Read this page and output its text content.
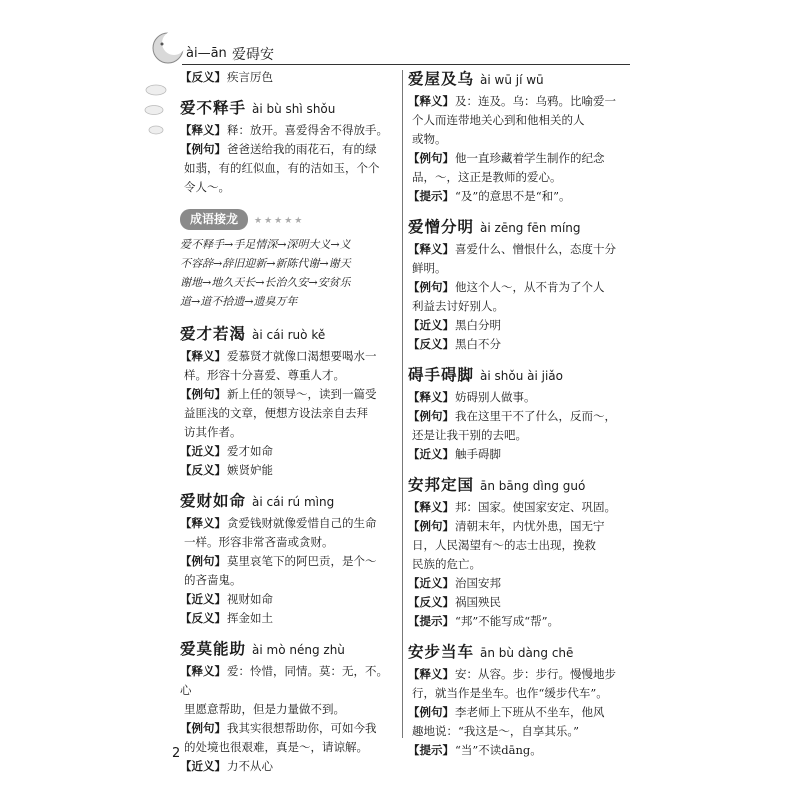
ài—ān 爱碍安
【反义】疾言厉色
爱不释手 ài bù shì shǒu
【释义】释：放开。喜爱得舍不得放手。
【例句】爸爸送给我的雨花石，有的绿
如翡，有的红似血，有的洁如玉，个个
令人～。
成语接龙 ★★★★★
爱不释手→手足情深→深明大义→义
不容辞→辞旧迎新→新陈代谢→谢天
谢地→地久天长→长治久安→安贫乐
道→道不拾遗→遗臭万年
爱才若渴 ài cái ruò kě
【释义】爱慕贤才就像口渴想要喝水一
样。形容十分喜爱、尊重人才。
【例句】新上任的领导～，读到一篇受
益匪浅的文章，便想方设法亲自去拜
访其作者。
【近义】爱才如命
【反义】嫉贤妒能
爱财如命 ài cái rú mìng
【释义】贪爱钱财就像爱惜自己的生命
一样。形容非常吝啬或贪财。
【例句】莫里哀笔下的阿巴贡，是个～
的吝啬鬼。
【近义】视财如命
【反义】挥金如土
爱莫能助 ài mò néng zhù
【释义】爱：怜惜，同情。莫：无，不。心
里愿意帮助，但是力量做不到。
【例句】我其实很想帮助你，可如今我
的处境也很艰难，真是～，请谅解。
【近义】力不从心
爱屋及乌 ài wū jí wū
【释义】及：连及。乌：乌鸦。比喻爱一
个人而连带地关心到和他相关的人
或物。
【例句】他一直珍藏着学生制作的纪念
品，～，这正是教师的爱心。
【提示】“及”的意思不是“和”。
爱憎分明 ài zēng fēn míng
【释义】喜爱什么、憎恨什么，态度十分
鲜明。
【例句】他这个人～，从不肯为了个人
利益去讨好别人。
【近义】黑白分明
【反义】黑白不分
碍手碍脚 ài shǒu ài jiǎo
【释义】妨碍别人做事。
【例句】我在这里干不了什么，反而～，
还是让我干别的去吧。
【近义】触手碍脚
安邦定国 ān bāng dìng guó
【释义】邦：国家。使国家安定、巩固。
【例句】清朝末年，内忧外患，国无宁
日，人民渴望有～的志士出现，挽救
民族的危亡。
【近义】治国安邦
【反义】祸国殃民
【提示】“邦”不能写成“帮”。
安步当车 ān bù dàng chē
【释义】安：从容。步：步行。慢慢地步
行，就当作是坐车。也作“缓步代车”。
【例句】李老师上下班从不坐车，他风
趣地说：“我这是～，自享其乐。”
【提示】“当”不读dāng。
2
